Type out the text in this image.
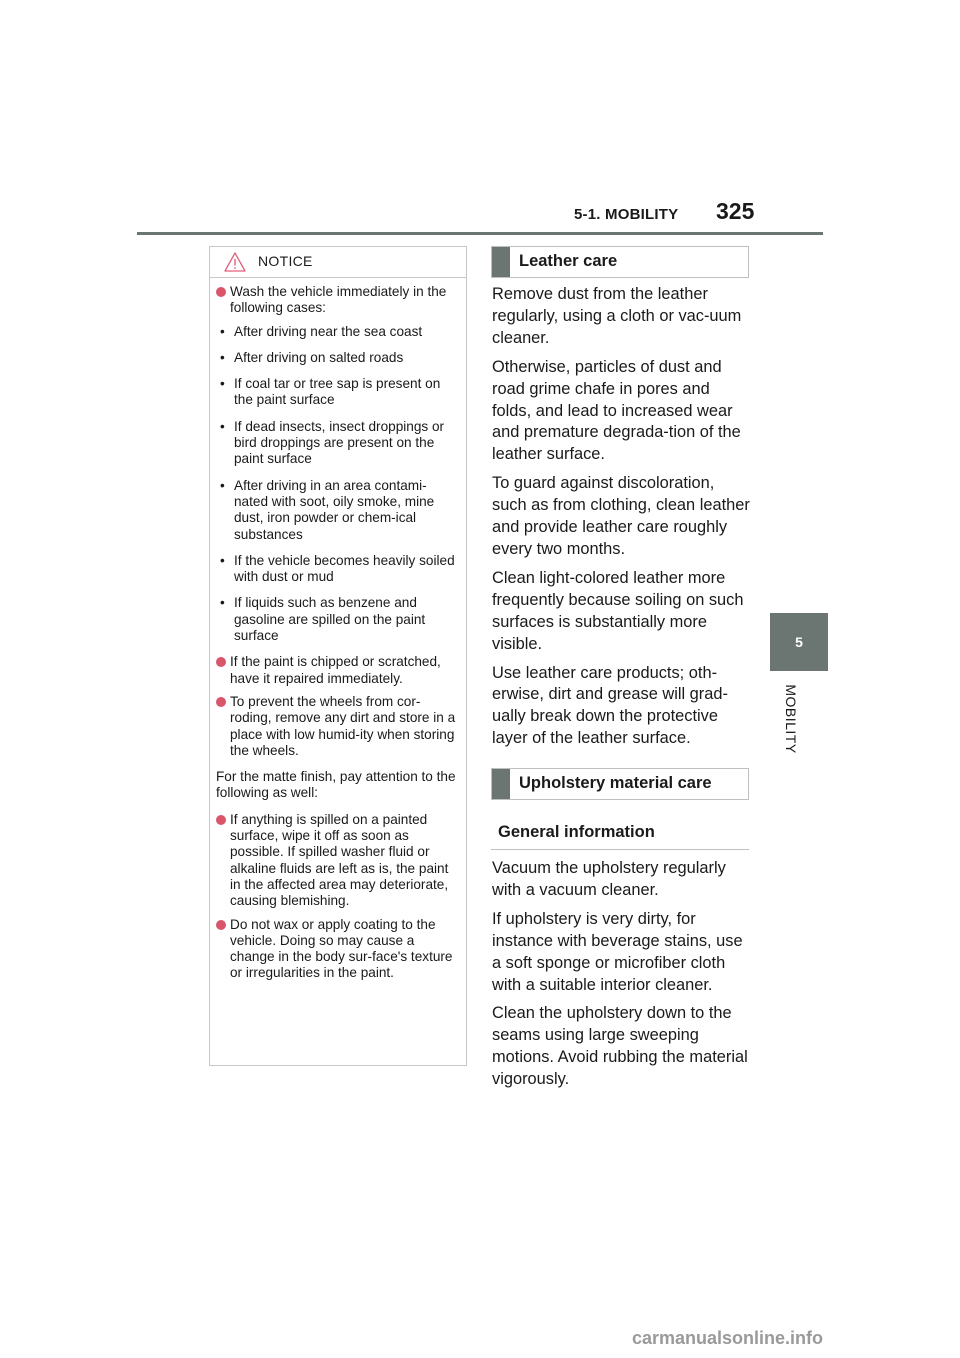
5-1. MOBILITY 325
5
MOBILITY
NOTICE
Wash the vehicle immediately in the following cases:
• After driving near the sea coast
• After driving on salted roads
• If coal tar or tree sap is present on the paint surface
• If dead insects, insect droppings or bird droppings are present on the paint surface
• After driving in an area contami-nated with soot, oily smoke, mine dust, iron powder or chem-ical substances
• If the vehicle becomes heavily soiled with dust or mud
• If liquids such as benzene and gasoline are spilled on the paint surface
If the paint is chipped or scratched, have it repaired immediately.
To prevent the wheels from cor-roding, remove any dirt and store in a place with low humid-ity when storing the wheels.
For the matte finish, pay attention to the following as well:
If anything is spilled on a painted surface, wipe it off as soon as possible. If spilled washer fluid or alkaline fluids are left as is, the paint in the affected area may deteriorate, causing blemishing.
Do not wax or apply coating to the vehicle. Doing so may cause a change in the body sur-face's texture or irregularities in the paint.
Leather care

Remove dust from the leather regularly, using a cloth or vac-uum cleaner.

Otherwise, particles of dust and road grime chafe in pores and folds, and lead to increased wear and premature degrada-tion of the leather surface.

To guard against discoloration, such as from clothing, clean leather and provide leather care roughly every two months.

Clean light-colored leather more frequently because soiling on such surfaces is substantially more visible.

Use leather care products; oth-erwise, dirt and grease will grad-ually break down the protective layer of the leather surface.

Upholstery material care
General information

Vacuum the upholstery regularly with a vacuum cleaner.

If upholstery is very dirty, for instance with beverage stains, use a soft sponge or microfiber cloth with a suitable interior cleaner.

Clean the upholstery down to the seams using large sweeping motions. Avoid rubbing the material vigorously.

carmanualsonline.info
